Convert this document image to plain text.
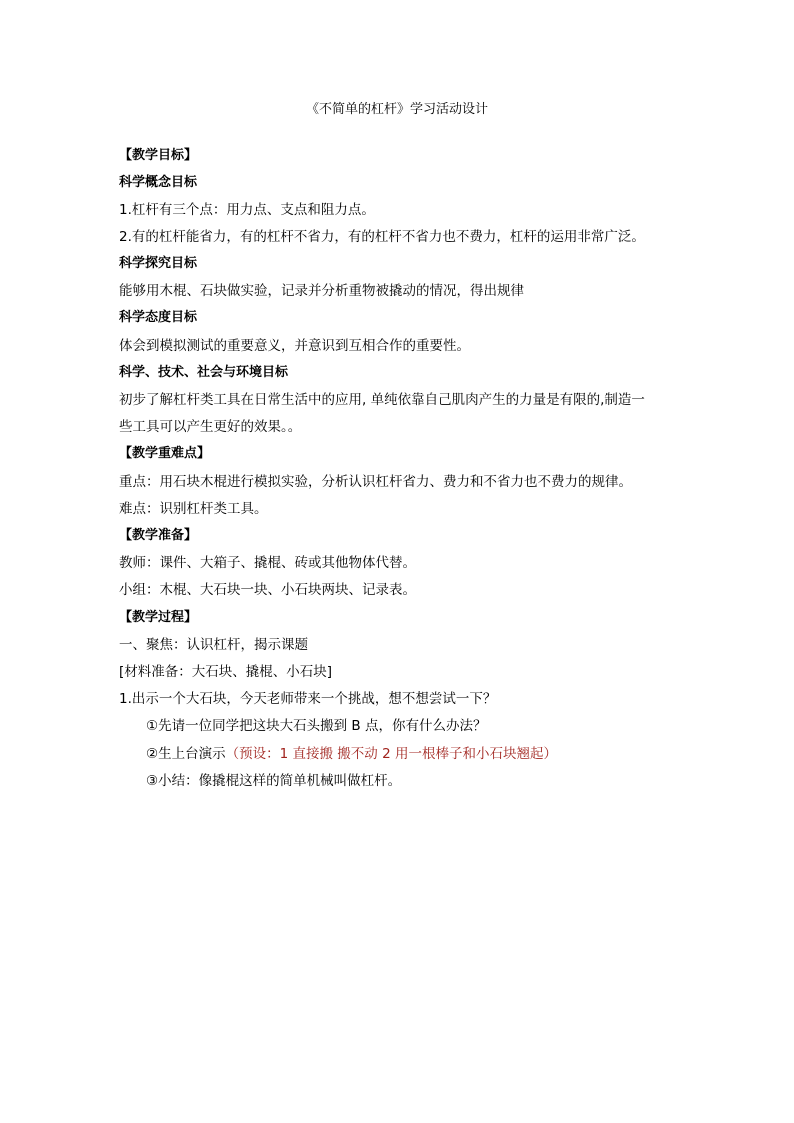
《不简单的杠杆》学习活动设计
【教学目标】
科学概念目标
1.杠杆有三个点：用力点、支点和阻力点。
2.有的杠杆能省力，有的杠杆不省力，有的杠杆不省力也不费力，杠杆的运用非常广泛。
科学探究目标
能够用木棍、石块做实验，记录并分析重物被撬动的情况，得出规律
科学态度目标
体会到模拟测试的重要意义，并意识到互相合作的重要性。
科学、技术、社会与环境目标
初步了解杠杆类工具在日常生活中的应用, 单纯依靠自己肌肉产生的力量是有限的,制造一
些工具可以产生更好的效果。。
【教学重难点】
重点：用石块木棍进行模拟实验，分析认识杠杆省力、费力和不省力也不费力的规律。
难点：识别杠杆类工具。
【教学准备】
教师：课件、大箱子、撬棍、砖或其他物体代替。
小组：木棍、大石块一块、小石块两块、记录表。
【教学过程】
一、聚焦：认识杠杆，揭示课题
[材料准备：大石块、撬棍、小石块]
1.出示一个大石块，今天老师带来一个挑战，想不想尝试一下？
①先请一位同学把这块大石头搬到 B 点，你有什么办法？
②生上台演示（预设：1 直接搬 搬不动 2 用一根棒子和小石块翘起）
③小结：像撬棍这样的简单机械叫做杠杆。
